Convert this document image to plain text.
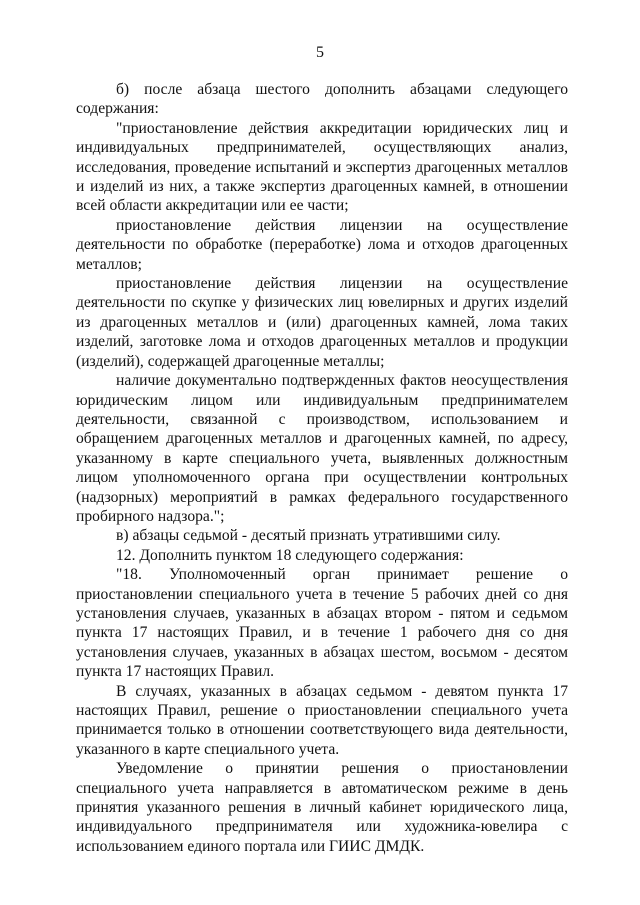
5

б) после абзаца шестого дополнить абзацами следующего содержания:

"приостановление действия аккредитации юридических лиц и индивидуальных предпринимателей, осуществляющих анализ, исследования, проведение испытаний и экспертиз драгоценных металлов и изделий из них, а также экспертиз драгоценных камней, в отношении всей области аккредитации или ее части;

приостановление действия лицензии на осуществление деятельности по обработке (переработке) лома и отходов драгоценных металлов;

приостановление действия лицензии на осуществление деятельности по скупке у физических лиц ювелирных и других изделий из драгоценных металлов и (или) драгоценных камней, лома таких изделий, заготовке лома и отходов драгоценных металлов и продукции (изделий), содержащей драгоценные металлы;

наличие документально подтвержденных фактов неосуществления юридическим лицом или индивидуальным предпринимателем деятельности, связанной с производством, использованием и обращением драгоценных металлов и драгоценных камней, по адресу, указанному в карте специального учета, выявленных должностным лицом уполномоченного органа при осуществлении контрольных (надзорных) мероприятий в рамках федерального государственного пробирного надзора.";

в) абзацы седьмой - десятый признать утратившими силу.

12. Дополнить пунктом 18 следующего содержания:

"18. Уполномоченный орган принимает решение о приостановлении специального учета в течение 5 рабочих дней со дня установления случаев, указанных в абзацах втором - пятом и седьмом пункта 17 настоящих Правил, и в течение 1 рабочего дня со дня установления случаев, указанных в абзацах шестом, восьмом - десятом пункта 17 настоящих Правил.

В случаях, указанных в абзацах седьмом - девятом пункта 17 настоящих Правил, решение о приостановлении специального учета принимается только в отношении соответствующего вида деятельности, указанного в карте специального учета.

Уведомление о принятии решения о приостановлении специального учета направляется в автоматическом режиме в день принятия указанного решения в личный кабинет юридического лица, индивидуального предпринимателя или художника-ювелира с использованием единого портала или ГИИС ДМДК.
